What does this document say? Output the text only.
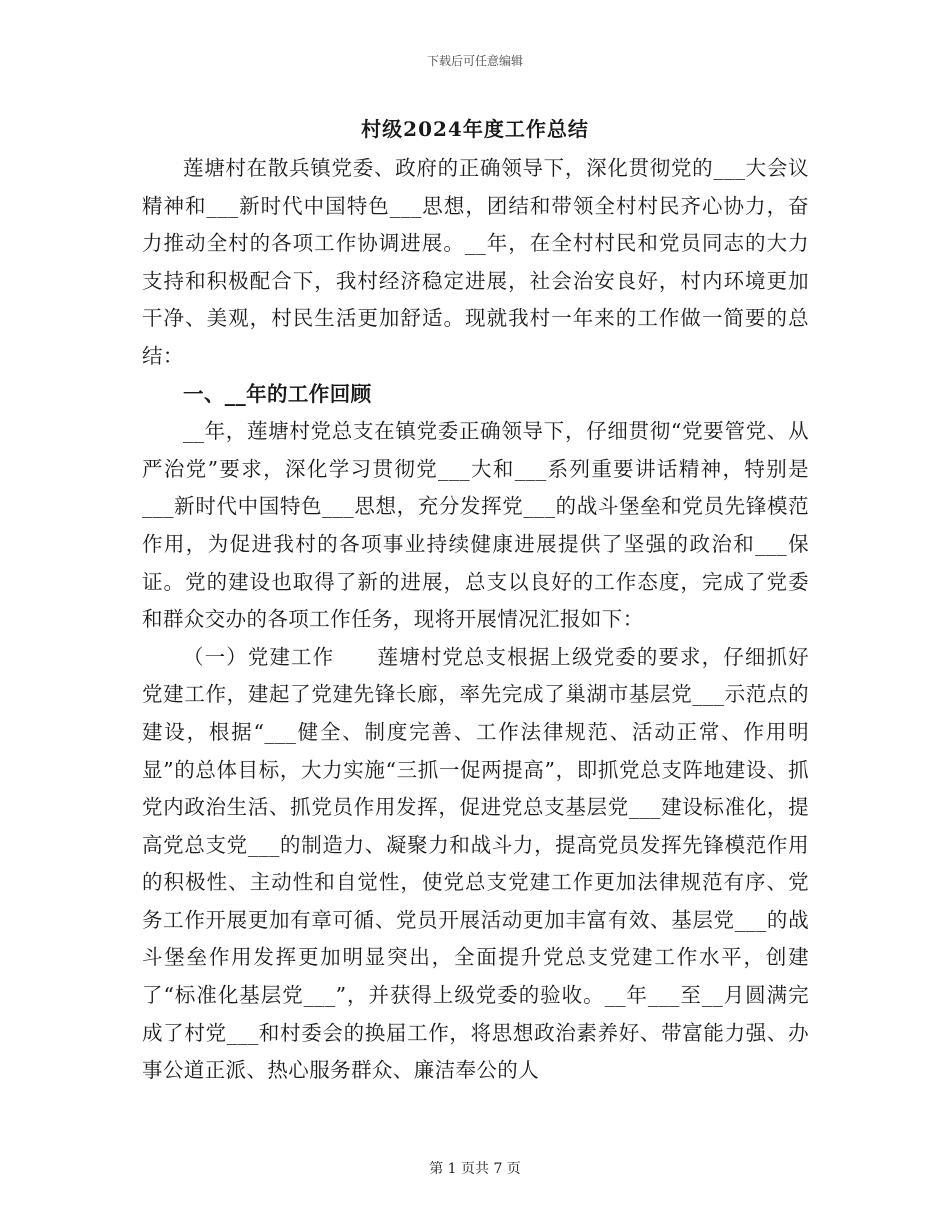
下载后可任意编辑
村级2024年度工作总结

莲塘村在散兵镇党委、政府的正确领导下，深化贯彻党的___大会议精神和___新时代中国特色___思想，团结和带领全村村民齐心协力，奋力推动全村的各项工作协调进展。__年，在全村村民和党员同志的大力支持和积极配合下，我村经济稳定进展，社会治安良好，村内环境更加干净、美观，村民生活更加舒适。现就我村一年来的工作做一简要的总结：

一、__年的工作回顾

__年，莲塘村党总支在镇党委正确领导下，仔细贯彻“党要管党、从严治党”要求，深化学习贯彻党___大和___系列重要讲话精神，特别是___新时代中国特色___思想，充分发挥党___的战斗堡垒和党员先锋模范作用，为促进我村的各项事业持续健康进展提供了坚强的政治和___保证。党的建设也取得了新的进展，总支以良好的工作态度，完成了党委和群众交办的各项工作任务，现将开展情况汇报如下：

（一）党建工作　　莲塘村党总支根据上级党委的要求，仔细抓好党建工作，建起了党建先锋长廊，率先完成了巢湖市基层党___示范点的建设，根据“___健全、制度完善、工作法律规范、活动正常、作用明显”的总体目标，大力实施“三抓一促两提高”，即抓党总支阵地建设、抓党内政治生活、抓党员作用发挥，促进党总支基层党___建设标准化，提高党总支党___的制造力、凝聚力和战斗力，提高党员发挥先锋模范作用的积极性、主动性和自觉性，使党总支党建工作更加法律规范有序、党务工作开展更加有章可循、党员开展活动更加丰富有效、基层党___的战斗堡垒作用发挥更加明显突出，全面提升党总支党建工作水平，创建了“标准化基层党___”，并获得上级党委的验收。__年___至__月圆满完成了村党___和村委会的换届工作，将思想政治素养好、带富能力强、办事公道正派、热心服务群众、廉洁奉公的人

第 1 页共 7 页
